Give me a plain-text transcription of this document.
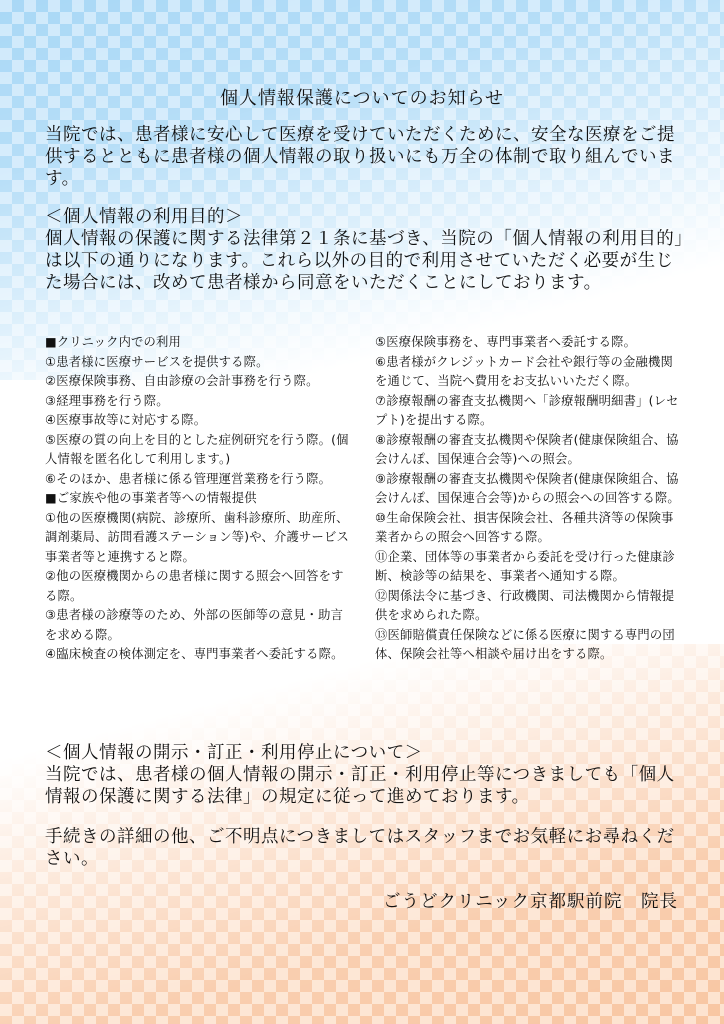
個人情報保護についてのお知らせ
当院では、患者様に安心して医療を受けていただくために、安全な医療をご提供するとともに患者様の個人情報の取り扱いにも万全の体制で取り組んでいます。
＜個人情報の利用目的＞
個人情報の保護に関する法律第２１条に基づき、当院の「個人情報の利用目的」は以下の通りになります。これら以外の目的で利用させていただく必要が生じた場合には、改めて患者様から同意をいただくことにしております。
■クリニック内での利用
①患者様に医療サービスを提供する際。
②医療保険事務、自由診療の会計事務を行う際。
③経理事務を行う際。
④医療事故等に対応する際。
⑤医療の質の向上を目的とした症例研究を行う際。(個人情報を匿名化して利用します。)
⑥そのほか、患者様に係る管理運営業務を行う際。
■ご家族や他の事業者等への情報提供
①他の医療機関(病院、診療所、歯科診療所、助産所、調剤薬局、訪問看護ステーション等)や、介護サービス事業者等と連携すると際。
②他の医療機関からの患者様に関する照会へ回答をする際。
③患者様の診療等のため、外部の医師等の意見・助言を求める際。
④臨床検査の検体測定を、専門事業者へ委託する際。
⑤医療保険事務を、専門事業者へ委託する際。
⑥患者様がクレジットカード会社や銀行等の金融機関を通じて、当院へ費用をお支払いいただく際。
⑦診療報酬の審査支払機関へ「診療報酬明細書」(レセプト)を提出する際。
⑧診療報酬の審査支払機関や保険者(健康保険組合、協会けんぽ、国保連合会等)への照会。
⑨診療報酬の審査支払機関や保険者(健康保険組合、協会けんぽ、国保連合会等)からの照会への回答する際。
⑩生命保険会社、損害保険会社、各種共済等の保険事業者からの照会へ回答する際。
⑪企業、団体等の事業者から委託を受け行った健康診断、検診等の結果を、事業者へ通知する際。
⑫関係法令に基づき、行政機関、司法機関から情報提供を求められた際。
⑬医師賠償責任保険などに係る医療に関する専門の団体、保険会社等へ相談や届け出をする際。
＜個人情報の開示・訂正・利用停止について＞
当院では、患者様の個人情報の開示・訂正・利用停止等につきましても「個人情報の保護に関する法律」の規定に従って進めております。
手続きの詳細の他、ご不明点につきましてはスタッフまでお気軽にお尋ねください。
ごうどクリニック京都駅前院　院長
